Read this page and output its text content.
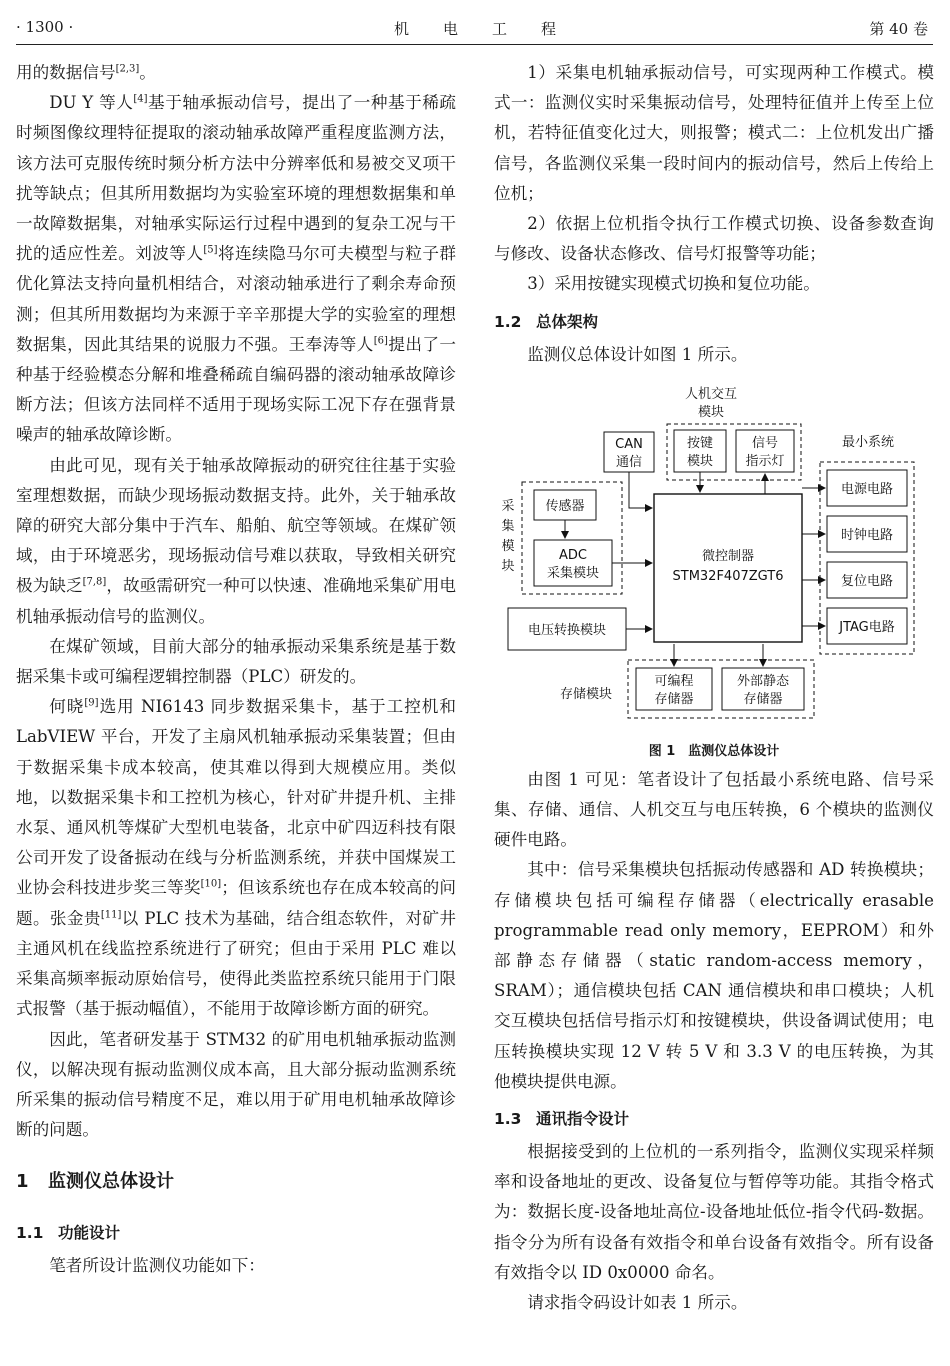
· 1300 ·	机电工程	第 40 卷

用的数据信号[2,3]。

DU Y 等人[4]基于轴承振动信号，提出了一种基于稀疏时频图像纹理特征提取的滚动轴承故障严重程度监测方法，该方法可克服传统时频分析方法中分辨率低和易被交叉项干扰等缺点；但其所用数据均为实验室环境的理想数据集和单一故障数据集，对轴承实际运行过程中遇到的复杂工况与干扰的适应性差。刘波等人[5]将连续隐马尔可夫模型与粒子群优化算法支持向量机相结合，对滚动轴承进行了剩余寿命预测；但其所用数据均为来源于辛辛那提大学的实验室的理想数据集，因此其结果的说服力不强。王奉涛等人[6]提出了一种基于经验模态分解和堆叠稀疏自编码器的滚动轴承故障诊断方法；但该方法同样不适用于现场实际工况下存在强背景噪声的轴承故障诊断。

由此可见，现有关于轴承故障振动的研究往往基于实验室理想数据，而缺少现场振动数据支持。此外，关于轴承故障的研究大部分集中于汽车、船舶、航空等领域。在煤矿领域，由于环境恶劣，现场振动信号难以获取，导致相关研究极为缺乏[7,8]，故亟需研究一种可以快速、准确地采集矿用电机轴承振动信号的监测仪。

在煤矿领域，目前大部分的轴承振动采集系统是基于数据采集卡或可编程逻辑控制器（PLC）研发的。

何晓[9]选用 NI6143 同步数据采集卡，基于工控机和 LabVIEW 平台，开发了主扇风机轴承振动采集装置；但由于数据采集卡成本较高，使其难以得到大规模应用。类似地，以数据采集卡和工控机为核心，针对矿井提升机、主排水泵、通风机等煤矿大型机电装备，北京中矿四迈科技有限公司开发了设备振动在线与分析监测系统，并获中国煤炭工业协会科技进步奖三等奖[10]；但该系统也存在成本较高的问题。张金贵[11]以 PLC 技术为基础，结合组态软件，对矿井主通风机在线监控系统进行了研究；但由于采用 PLC 难以采集高频率振动原始信号，使得此类监控系统只能用于门限式报警（基于振动幅值），不能用于故障诊断方面的研究。

因此，笔者研发基于 STM32 的矿用电机轴承振动监测仪，以解决现有振动监测仪成本高，且大部分振动监测系统所采集的振动信号精度不足，难以用于矿用电机轴承故障诊断的问题。

1 监测仪总体设计
1.1 功能设计

笔者所设计监测仪功能如下：

1）采集电机轴承振动信号，可实现两种工作模式。模式一：监测仪实时采集振动信号，处理特征值并上传至上位机，若特征值变化过大，则报警；模式二：上位机发出广播信号，各监测仪采集一段时间内的振动信号，然后上传给上位机；

2）依据上位机指令执行工作模式切换、设备参数查询与修改、设备状态修改、信号灯报警等功能；

3）采用按键实现模式切换和复位功能。

1.2 总体架构

监测仪总体设计如图 1 所示。

人机交互
模块
按键
模块
信号
指示灯
CAN
通信
微控制器
STM32F407ZGT6
最小系统
电源电路
时钟电路
复位电路
JTAG电路
采
集
模
块
传感器
ADC
采集模块
电压转换模块
存储模块
可编程
存储器
外部静态
存储器

图 1　监测仪总体设计

由图 1 可见：笔者设计了包括最小系统电路、信号采集、存储、通信、人机交互与电压转换，6 个模块的监测仪硬件电路。

其中：信号采集模块包括振动传感器和 AD 转换模块；存储模块包括可编程存储器（electrically erasable programmable read only memory，EEPROM）和外部静态存储器（static random-access memory，SRAM）；通信模块包括 CAN 通信模块和串口模块；人机交互模块包括信号指示灯和按键模块，供设备调试使用；电压转换模块实现 12 V 转 5 V 和 3.3 V 的电压转换，为其他模块提供电源。

1.3 通讯指令设计

根据接受到的上位机的一系列指令，监测仪实现采样频率和设备地址的更改、设备复位与暂停等功能。其指令格式为：数据长度-设备地址高位-设备地址低位-指令代码-数据。指令分为所有设备有效指令和单台设备有效指令。所有设备有效指令以 ID 0x0000 命名。

请求指令码设计如表 1 所示。
